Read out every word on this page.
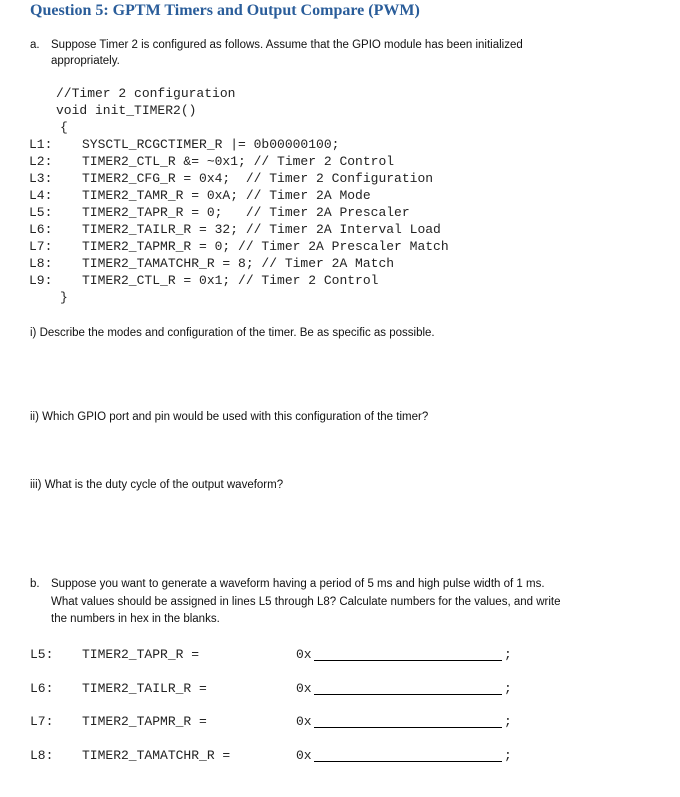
Question 5: GPTM Timers and Output Compare (PWM)
a. Suppose Timer 2 is configured as follows. Assume that the GPIO module has been initialized
appropriately.
//Timer 2 configuration
void init_TIMER2()
{
L1: SYSCTL_RCGCTIMER_R |= 0b00000100;
L2: TIMER2_CTL_R &= ~0x1; // Timer 2 Control
L3: TIMER2_CFG_R = 0x4;  // Timer 2 Configuration
L4: TIMER2_TAMR_R = 0xA; // Timer 2A Mode
L5: TIMER2_TAPR_R = 0;   // Timer 2A Prescaler
L6: TIMER2_TAILR_R = 32; // Timer 2A Interval Load
L7: TIMER2_TAPMR_R = 0; // Timer 2A Prescaler Match
L8: TIMER2_TAMATCHR_R = 8; // Timer 2A Match
L9: TIMER2_CTL_R = 0x1; // Timer 2 Control
}
i) Describe the modes and configuration of the timer. Be as specific as possible.
ii) Which GPIO port and pin would be used with this configuration of the timer?
iii) What is the duty cycle of the output waveform?
b. Suppose you want to generate a waveform having a period of 5 ms and high pulse width of 1 ms.
What values should be assigned in lines L5 through L8? Calculate numbers for the values, and write
the numbers in hex in the blanks.
L5: TIMER2_TAPR_R =	0x	;
L6: TIMER2_TAILR_R =	0x	;
L7: TIMER2_TAPMR_R =	0x	;
L8: TIMER2_TAMATCHR_R =	0x	;
